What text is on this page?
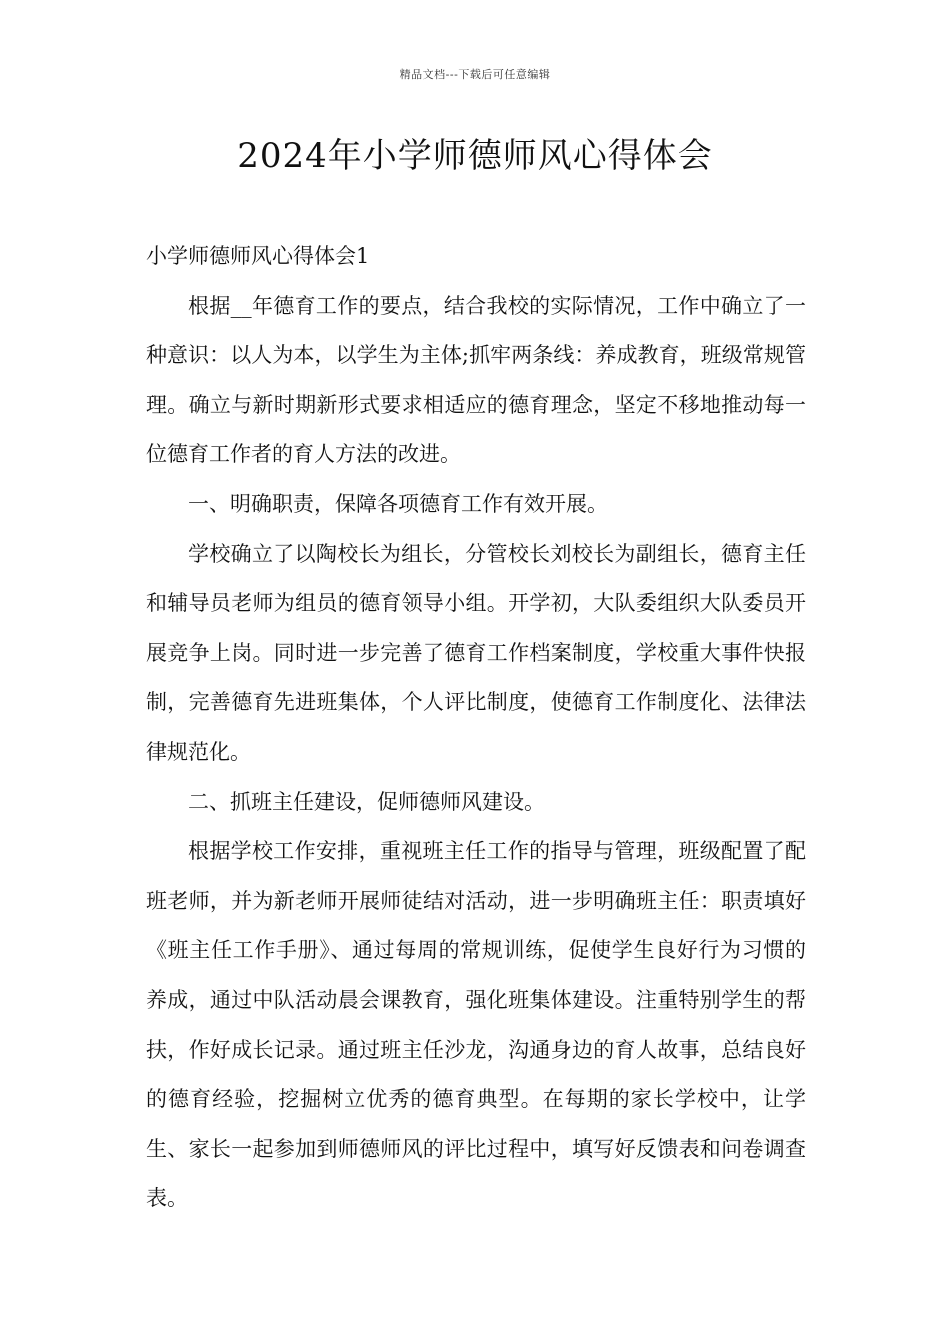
精品文档---下载后可任意编辑
2024年小学师德师风心得体会

小学师德师风心得体会1

根据__年德育工作的要点，结合我校的实际情况，工作中确立了一种意识：以人为本，以学生为主体;抓牢两条线：养成教育，班级常规管理。确立与新时期新形式要求相适应的德育理念，坚定不移地推动每一位德育工作者的育人方法的改进。

一、明确职责，保障各项德育工作有效开展。

学校确立了以陶校长为组长，分管校长刘校长为副组长，德育主任和辅导员老师为组员的德育领导小组。开学初，大队委组织大队委员开展竞争上岗。同时进一步完善了德育工作档案制度，学校重大事件快报制，完善德育先进班集体，个人评比制度，使德育工作制度化、法律法律规范化。

二、抓班主任建设，促师德师风建设。

根据学校工作安排，重视班主任工作的指导与管理，班级配置了配班老师，并为新老师开展师徒结对活动，进一步明确班主任：职责填好《班主任工作手册》、通过每周的常规训练，促使学生良好行为习惯的养成，通过中队活动晨会课教育，强化班集体建设。注重特别学生的帮扶，作好成长记录。通过班主任沙龙，沟通身边的育人故事，总结良好的德育经验，挖掘树立优秀的德育典型。在每期的家长学校中，让学生、家长一起参加到师德师风的评比过程中，填写好反馈表和问卷调查表。
